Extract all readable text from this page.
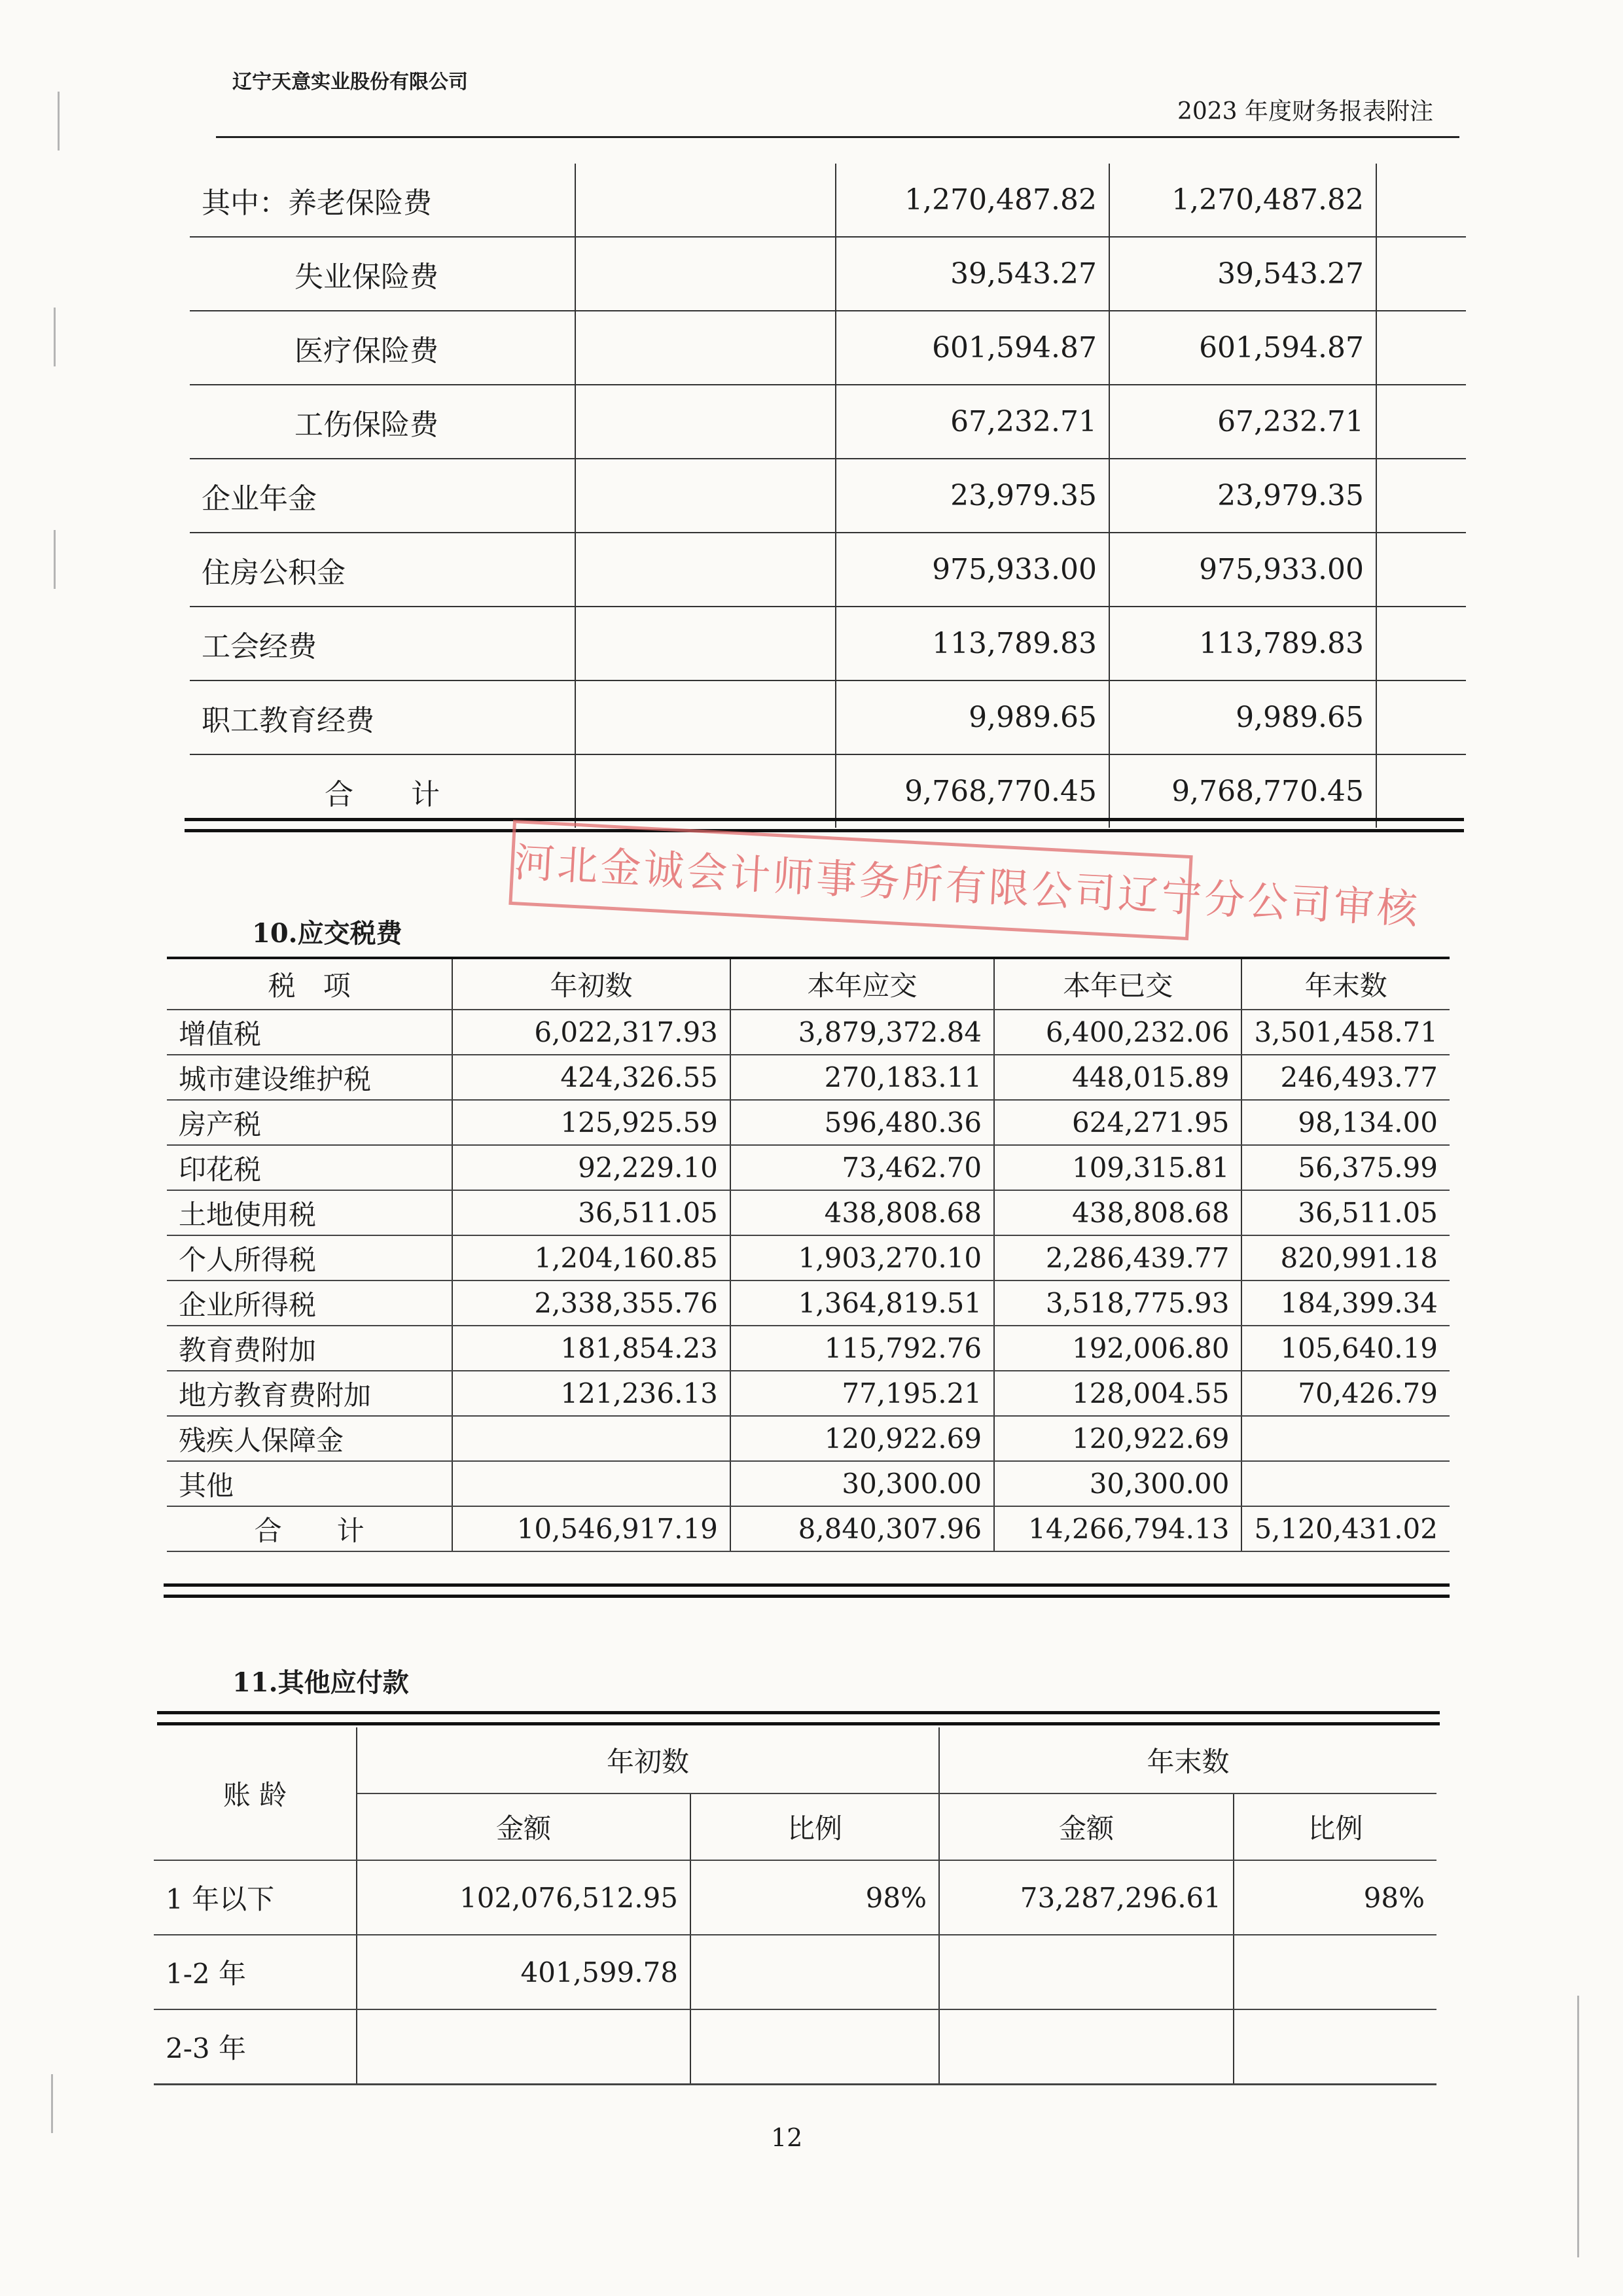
辽宁天意实业股份有限公司
2023 年度财务报表附注
其中：养老保险费		1,270,487.82	1,270,487.82	
失业保险费		39,543.27	39,543.27	
医疗保险费		601,594.87	601,594.87	
工伤保险费		67,232.71	67,232.71	
企业年金		23,979.35	23,979.35	
住房公积金		975,933.00	975,933.00	
工会经费		113,789.83	113,789.83	
职工教育经费		9,989.65	9,989.65	
合　　计		9,768,770.45	9,768,770.45	
河北金诚会计师事务所有限公司辽宁分公司审核
10.应交税费
税　项	年初数	本年应交	本年已交	年末数
增值税	6,022,317.93	3,879,372.84	6,400,232.06	3,501,458.71
城市建设维护税	424,326.55	270,183.11	448,015.89	246,493.77
房产税	125,925.59	596,480.36	624,271.95	98,134.00
印花税	92,229.10	73,462.70	109,315.81	56,375.99
土地使用税	36,511.05	438,808.68	438,808.68	36,511.05
个人所得税	1,204,160.85	1,903,270.10	2,286,439.77	820,991.18
企业所得税	2,338,355.76	1,364,819.51	3,518,775.93	184,399.34
教育费附加	181,854.23	115,792.76	192,006.80	105,640.19
地方教育费附加	121,236.13	77,195.21	128,004.55	70,426.79
残疾人保障金		120,922.69	120,922.69	
其他		30,300.00	30,300.00	
合　　计	10,546,917.19	8,840,307.96	14,266,794.13	5,120,431.02
11.其他应付款
账 龄	年初数		年末数	
	金额	比例	金额	比例
1 年以下	102,076,512.95	98%	73,287,296.61	98%
1-2 年	401,599.78			
2-3 年				
12
